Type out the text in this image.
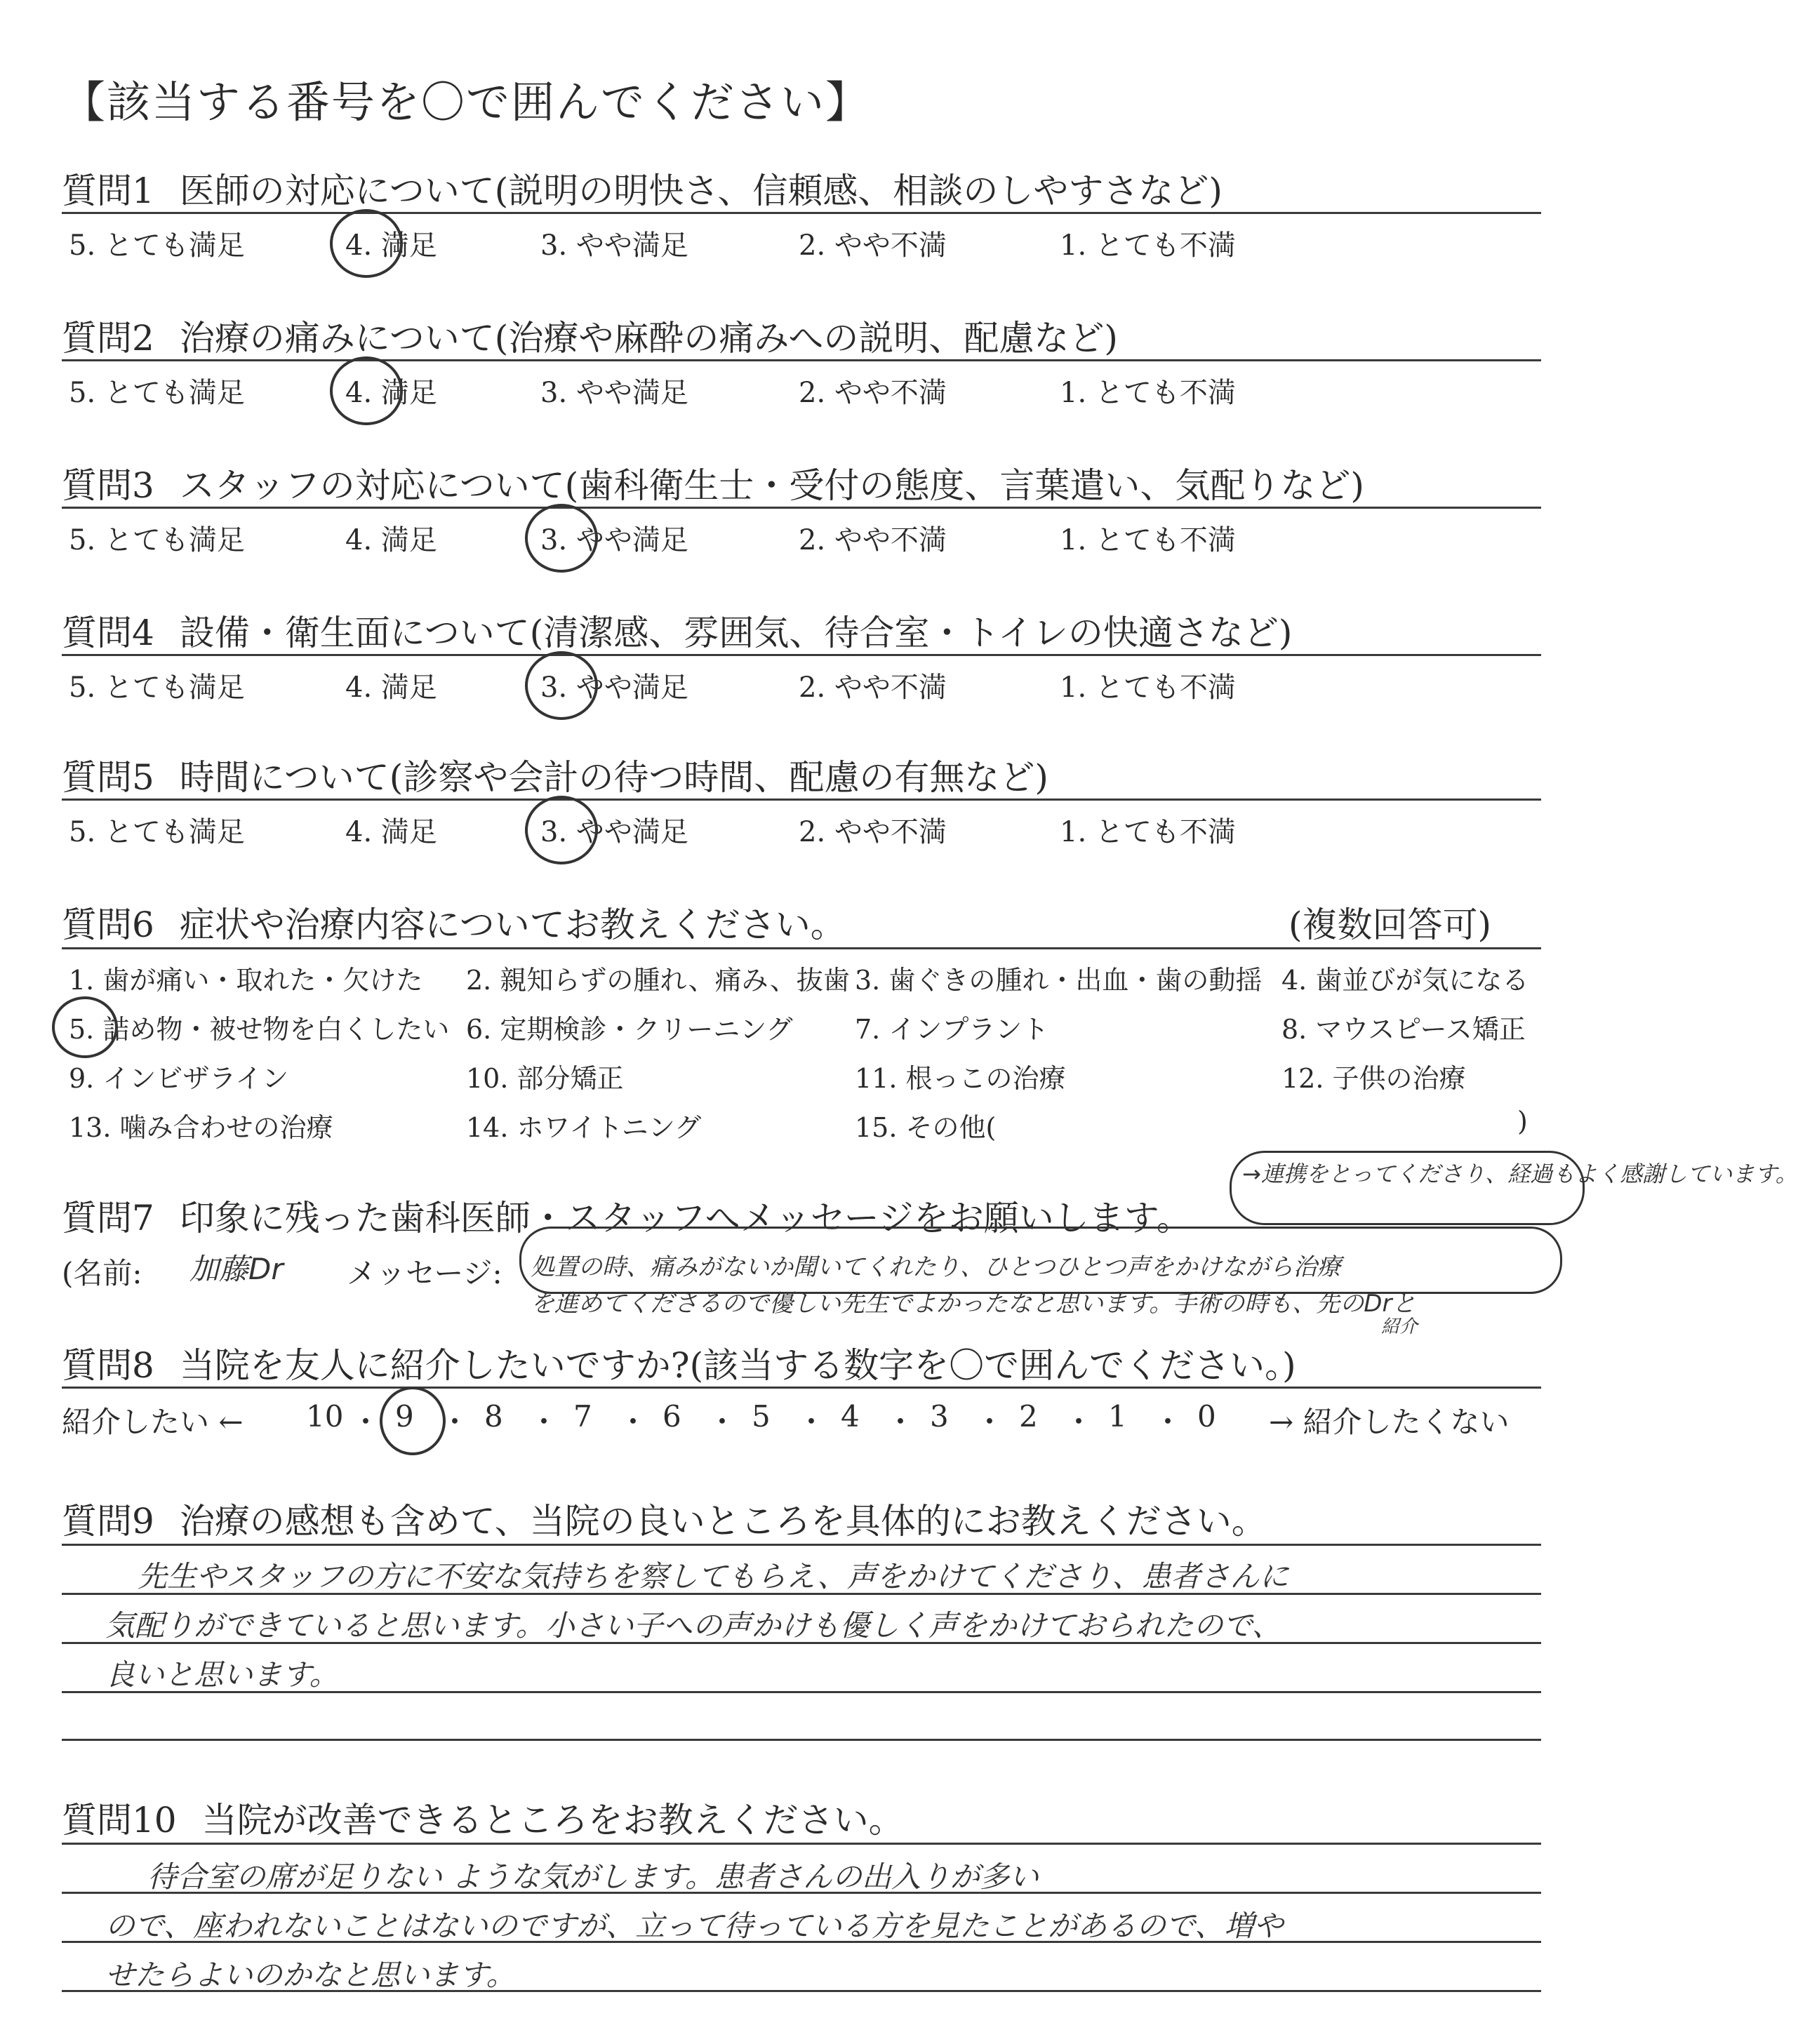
【該当する番号を〇で囲んでください】
質問1 医師の対応について(説明の明快さ、信頼感、相談のしやすさなど)
5. とても満足	4. 満足	3. やや満足	2. やや不満	1. とても不満
質問2 治療の痛みについて(治療や麻酔の痛みへの説明、配慮など)
5. とても満足	4. 満足	3. やや満足	2. やや不満	1. とても不満
質問3 スタッフの対応について(歯科衛生士・受付の態度、言葉遣い、気配りなど)
5. とても満足	4. 満足	3. やや満足	2. やや不満	1. とても不満
質問4 設備・衛生面について(清潔感、雰囲気、待合室・トイレの快適さなど)
5. とても満足	4. 満足	3. やや満足	2. やや不満	1. とても不満
質問5 時間について(診察や会計の待つ時間、配慮の有無など)
5. とても満足	4. 満足	3. やや満足	2. やや不満	1. とても不満
質問6 症状や治療内容についてお教えください。	(複数回答可)
1. 歯が痛い・取れた・欠けた 2. 親知らずの腫れ、痛み、抜歯 3. 歯ぐきの腫れ・出血・歯の動揺 4. 歯並びが気になる
5. 詰め物・被せ物を白くしたい 6. 定期検診・クリーニング 7. インプラント	8. マウスピース矯正
9. インビザライン	10. 部分矯正	11. 根っこの治療	12. 子供の治療
13. 噛み合わせの治療	14. ホワイトニング	15. その他(	)
質問7 印象に残った歯科医師・スタッフへメッセージをお願いします。
→連携をとってくださり、経過もよく感謝しています。
(名前: 加藤Dr メッセージ: 処置の時、痛みがないか聞いてくれたり、ひとつひとつ声をかけながら治療
を進めてくださるので優しい先生でよかったなと思います。手術の時も、先のDrと
紹介
質問8 当院を友人に紹介したいですか?(該当する数字を〇で囲んでください。)
紹介したい ←	→ 紹介したくない
10 ・ 9 ・ 8 ・ 7 ・ 6 ・ 5 ・ 4 ・ 3 ・ 2 ・ 1 ・ 0
質問9 治療の感想も含めて、当院の良いところを具体的にお教えください。
先生やスタッフの方に不安な気持ちを察してもらえ、声をかけてくださり、患者さんに
気配りができていると思います。小さい子への声かけも優しく声をかけておられたので、
良いと思います。
質問10 当院が改善できるところをお教えください。
待合室の席が足りない ような気がします。患者さんの出入りが多い
ので、座われないことはないのですが、立って待っている方を見たことがあるので、増や
せたらよいのかなと思います。
